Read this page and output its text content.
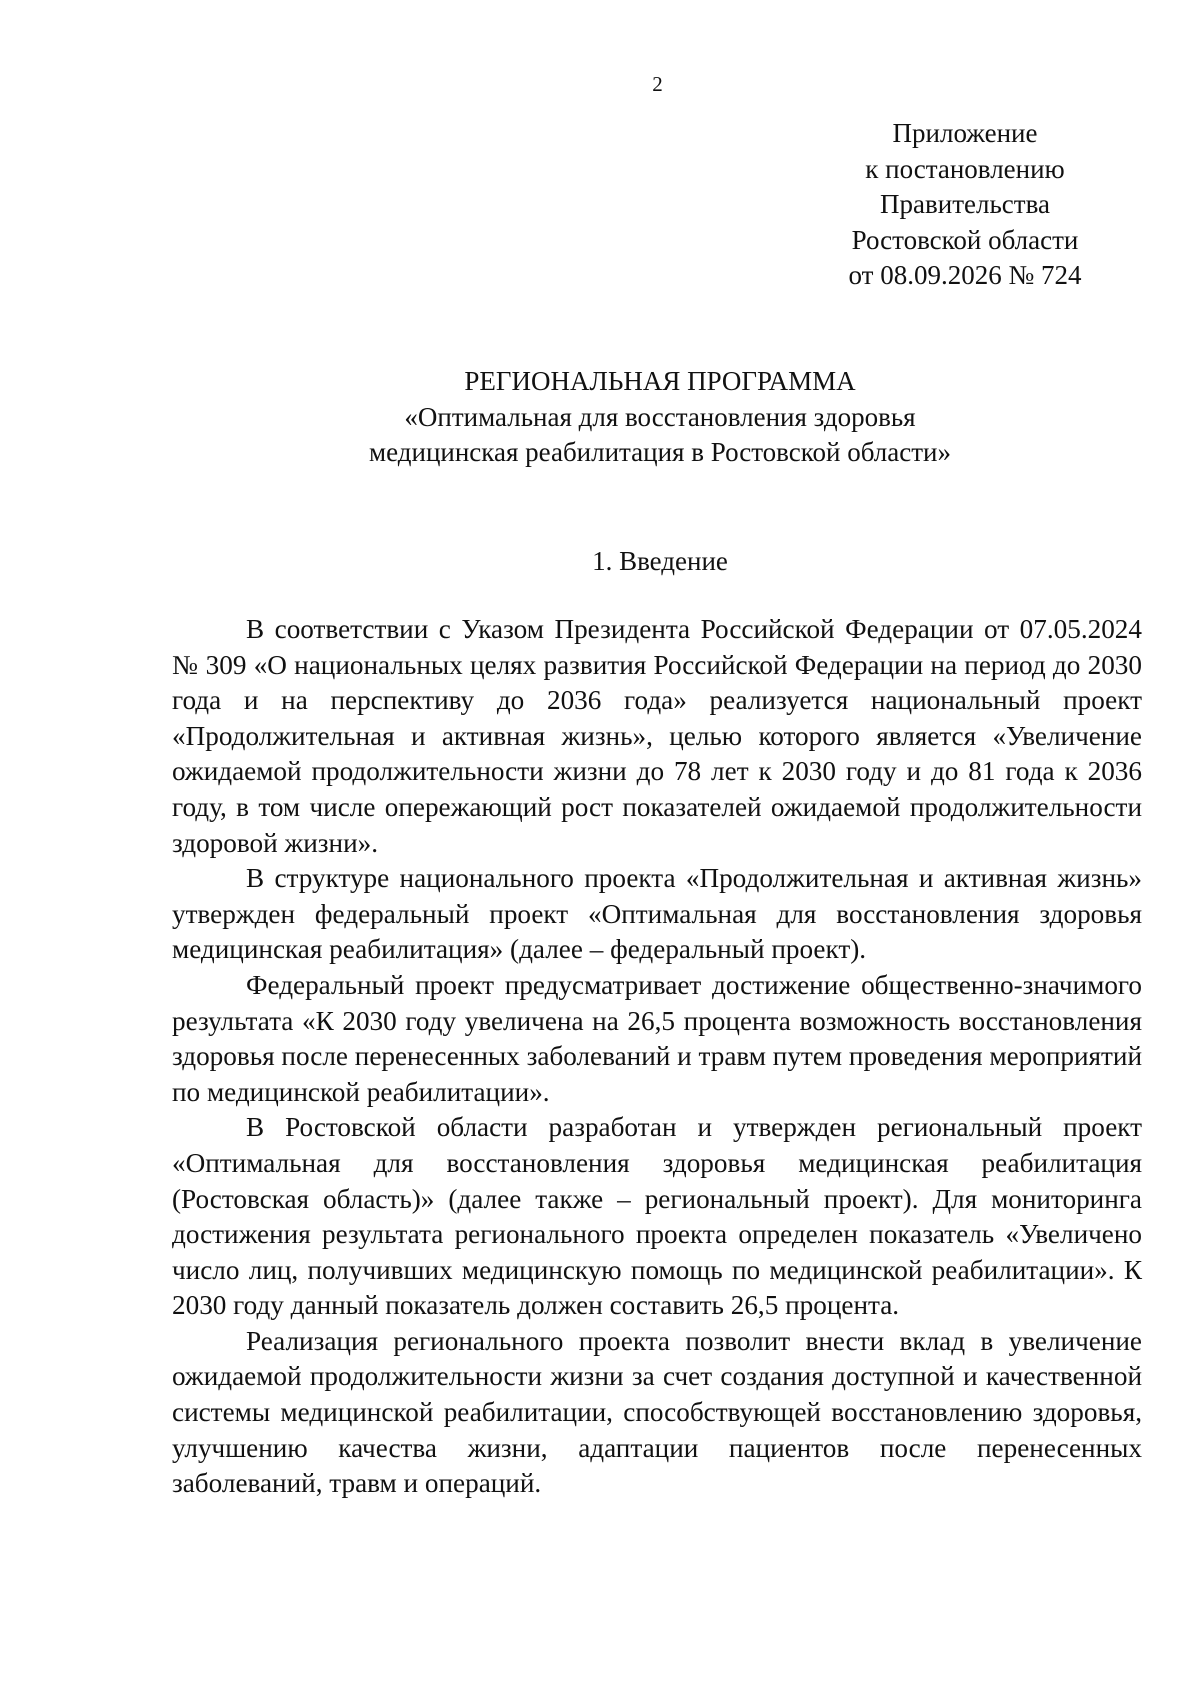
2
Приложение
к постановлению
Правительства
Ростовской области
от 08.09.2026 № 724
РЕГИОНАЛЬНАЯ ПРОГРАММА
«Оптимальная для восстановления здоровья
медицинская реабилитация в Ростовской области»
1. Введение

В соответствии с Указом Президента Российской Федерации от 07.05.2024 № 309 «О национальных целях развития Российской Федерации на период до 2030 года и на перспективу до 2036 года» реализуется национальный проект «Продолжительная и активная жизнь», целью которого является «Увеличение ожидаемой продолжительности жизни до 78 лет к 2030 году и до 81 года к 2036 году, в том числе опережающий рост показателей ожидаемой продолжительности здоровой жизни».

В структуре национального проекта «Продолжительная и активная жизнь» утвержден федеральный проект «Оптимальная для восстановления здоровья медицинская реабилитация» (далее – федеральный проект).

Федеральный проект предусматривает достижение общественно-значимого результата «К 2030 году увеличена на 26,5 процента возможность восстановления здоровья после перенесенных заболеваний и травм путем проведения мероприятий по медицинской реабилитации».

В Ростовской области разработан и утвержден региональный проект «Оптимальная для восстановления здоровья медицинская реабилитация (Ростовская область)» (далее также – региональный проект). Для мониторинга достижения результата регионального проекта определен показатель «Увеличено число лиц, получивших медицинскую помощь по медицинской реабилитации». К 2030 году данный показатель должен составить 26,5 процента.

Реализация регионального проекта позволит внести вклад в увеличение ожидаемой продолжительности жизни за счет создания доступной и качественной системы медицинской реабилитации, способствующей восстановлению здоровья, улучшению качества жизни, адаптации пациентов после перенесенных заболеваний, травм и операций.
